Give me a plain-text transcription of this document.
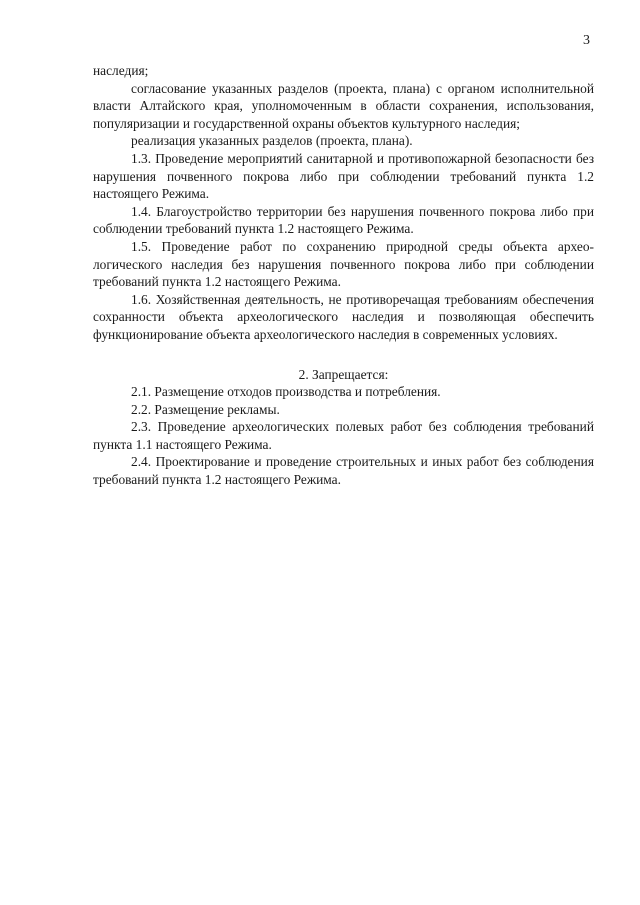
3

наследия;

согласование указанных разделов (проекта, плана) с органом исполнительной власти Алтайского края, уполномоченным в области сохранения, использования, популяризации и государственной охраны объектов культурного наследия;

реализация указанных разделов (проекта, плана).

1.3. Проведение мероприятий санитарной и противопожарной безопасности без нарушения почвенного покрова либо при соблюдении требований пункта 1.2 настоящего Режима.

1.4. Благоустройство территории без нарушения почвенного покрова либо при соблюдении требований пункта 1.2 настоящего Режима.

1.5. Проведение работ по сохранению природной среды объекта археологического наследия без нарушения почвенного покрова либо при соблюдении требований пункта 1.2 настоящего Режима.

1.6. Хозяйственная деятельность, не противоречащая требованиям обеспечения сохранности объекта археологического наследия и позволяющая обеспечить функционирование объекта археологического наследия в современных условиях.

2. Запрещается:

2.1. Размещение отходов производства и потребления.

2.2. Размещение рекламы.

2.3. Проведение археологических полевых работ без соблюдения требований пункта 1.1 настоящего Режима.

2.4. Проектирование и проведение строительных и иных работ без соблюдения требований пункта 1.2 настоящего Режима.
